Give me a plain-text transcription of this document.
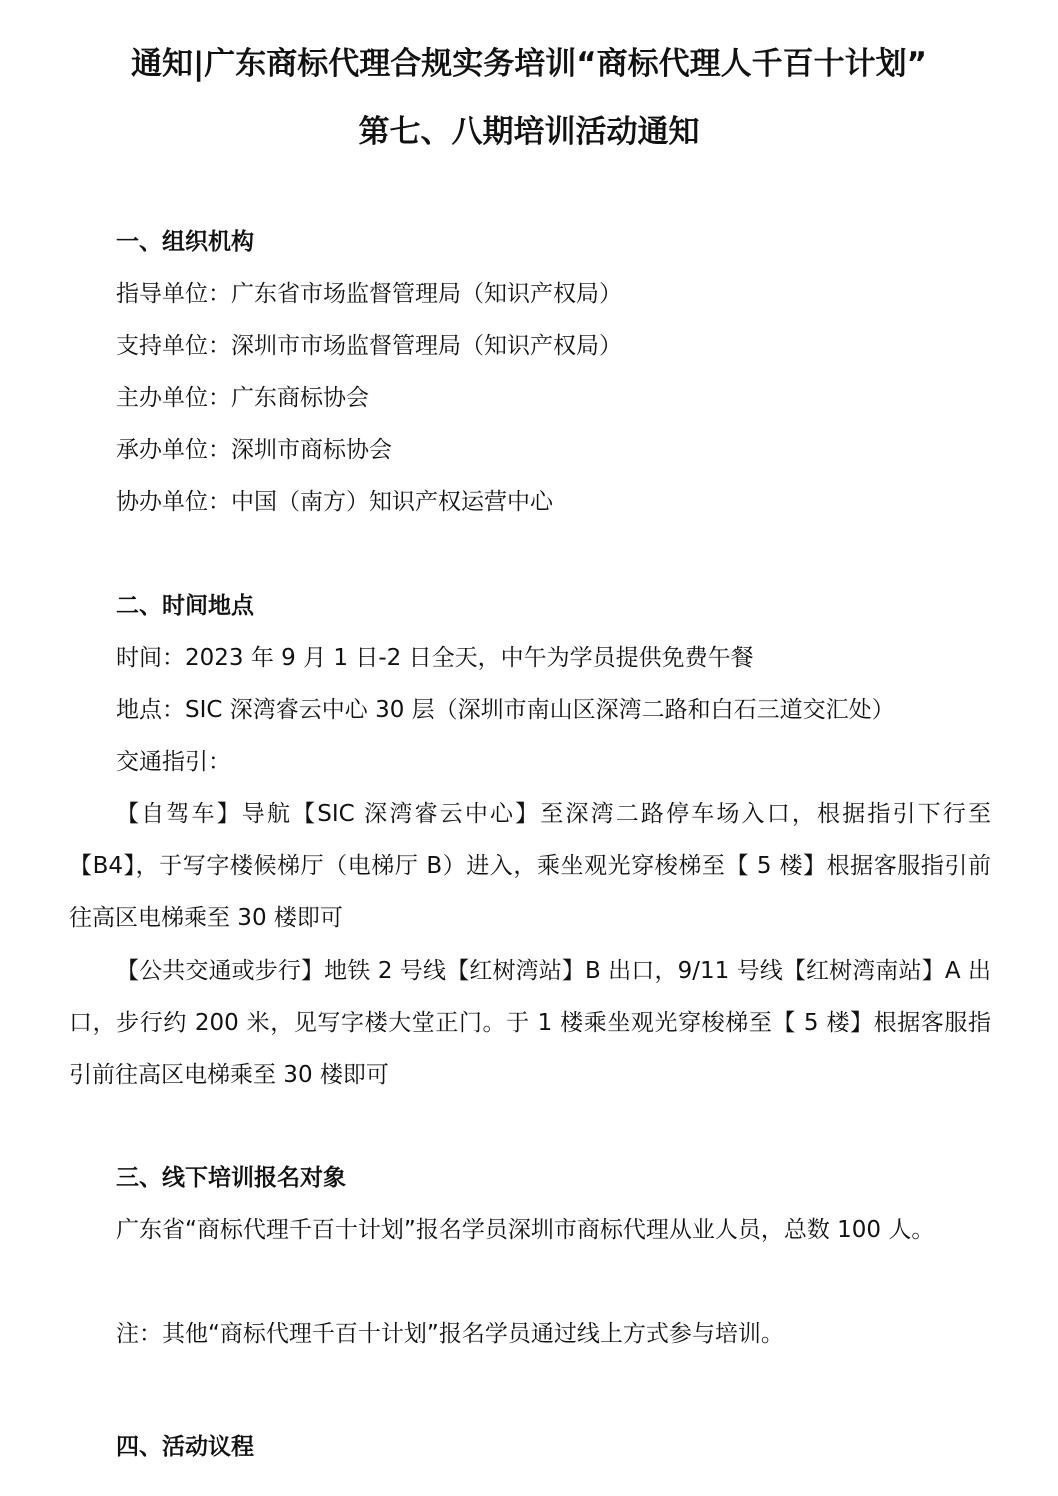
通知|广东商标代理合规实务培训“商标代理人千百十计划”
第七、八期培训活动通知
一、组织机构
指导单位：广东省市场监督管理局（知识产权局）
支持单位：深圳市市场监督管理局（知识产权局）
主办单位：广东商标协会
承办单位：深圳市商标协会
协办单位：中国（南方）知识产权运营中心
二、时间地点
时间：2023 年 9 月 1 日-2 日全天，中午为学员提供免费午餐
地点：SIC 深湾睿云中心 30 层（深圳市南山区深湾二路和白石三道交汇处）
交通指引：
【自驾车】导航【SIC 深湾睿云中心】至深湾二路停车场入口，根据指引下行至【B4】，于写字楼候梯厅（电梯厅 B）进入，乘坐观光穿梭梯至【 5 楼】根据客服指引前往高区电梯乘至 30 楼即可
【公共交通或步行】地铁 2 号线【红树湾站】B 出口，9/11 号线【红树湾南站】A 出口，步行约 200 米，见写字楼大堂正门。于 1 楼乘坐观光穿梭梯至【 5 楼】根据客服指引前往高区电梯乘至 30 楼即可
三、线下培训报名对象
广东省“商标代理千百十计划”报名学员深圳市商标代理从业人员，总数 100 人。
注：其他“商标代理千百十计划”报名学员通过线上方式参与培训。
四、活动议程
